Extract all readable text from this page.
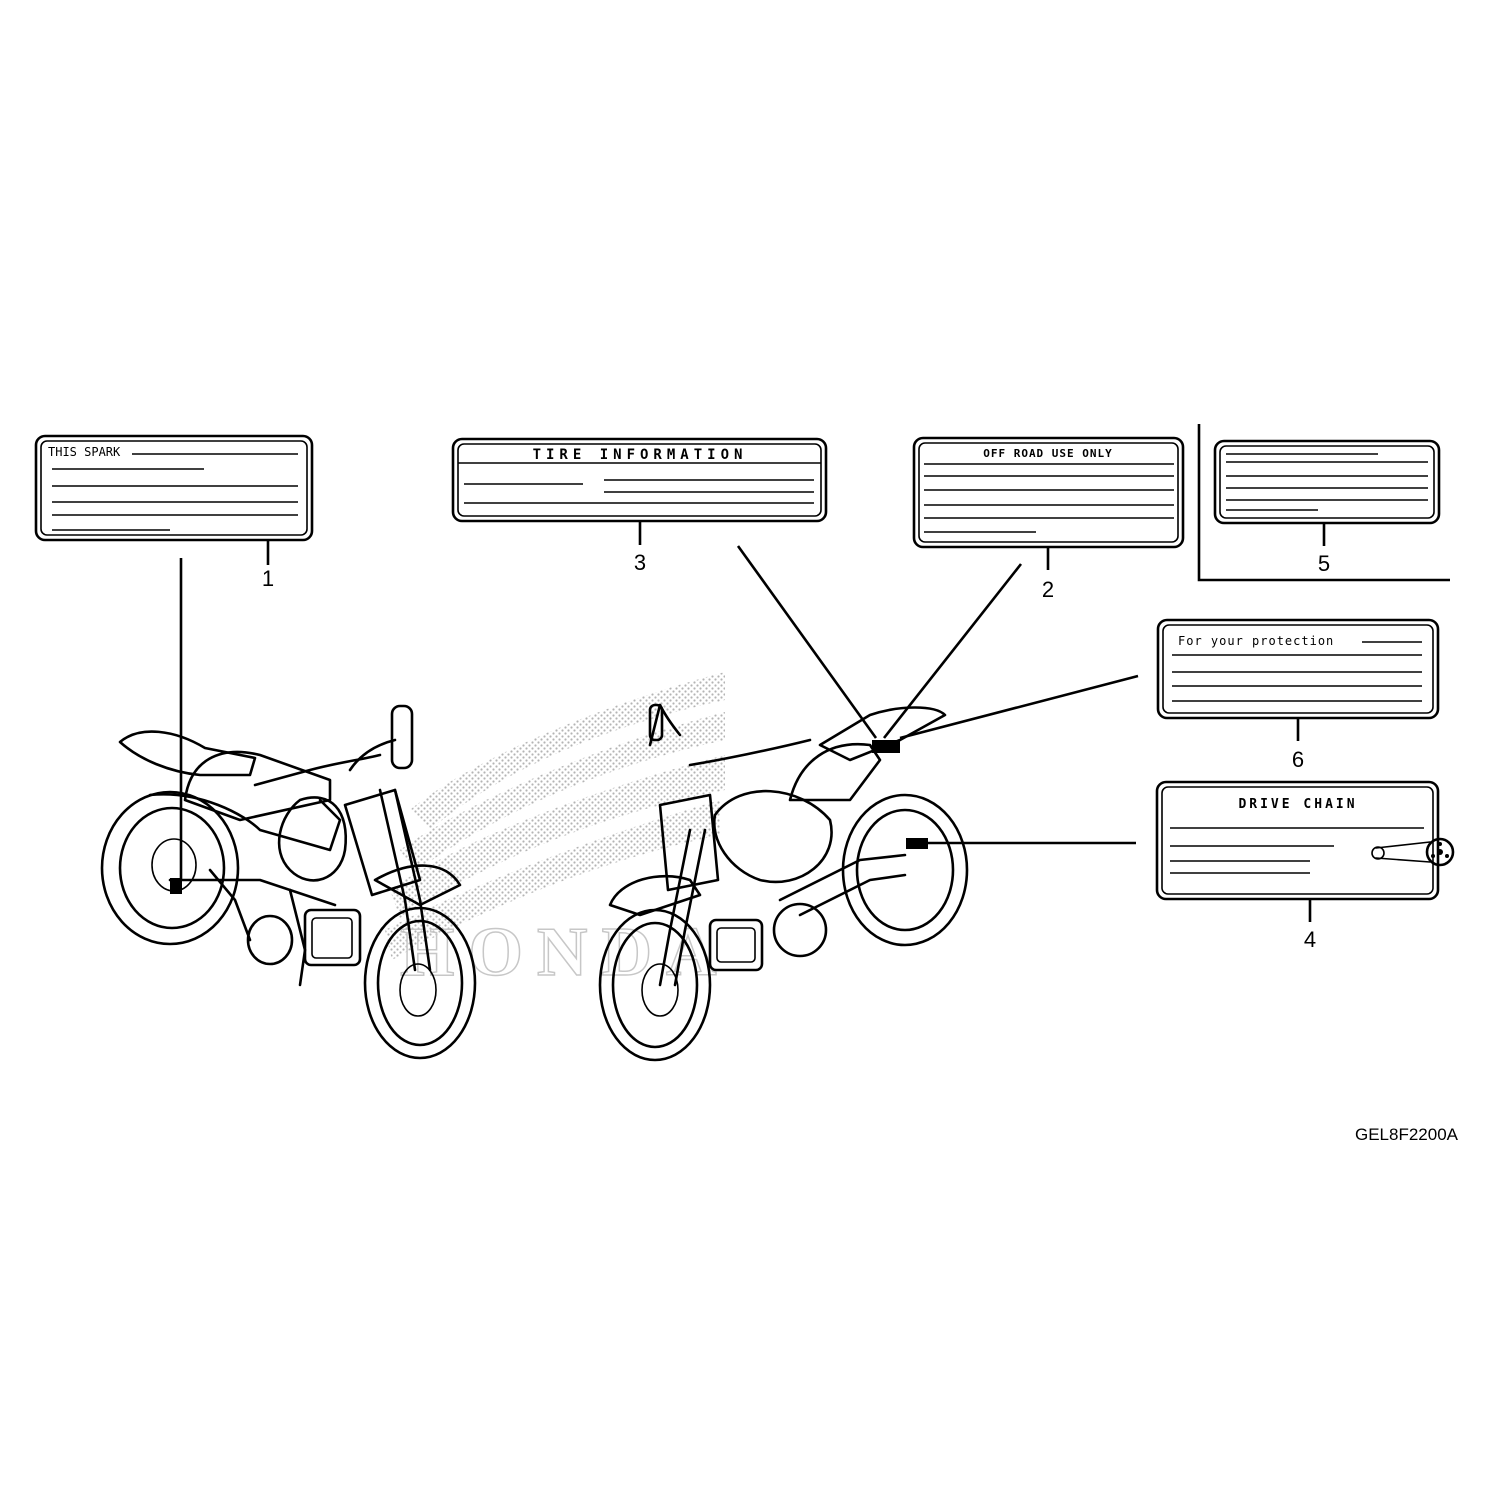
HONDA
THIS SPARK
1
TIRE INFORMATION
3
OFF ROAD USE ONLY
2
5
For your protection
6
DRIVE CHAIN
4
GEL8F2200A
